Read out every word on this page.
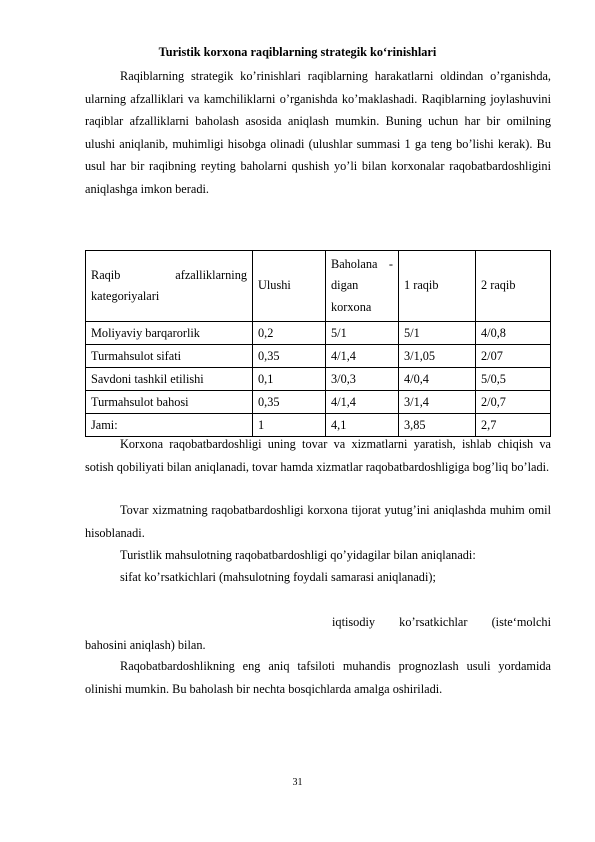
Turistik korxona raqiblarning strategik ko‘rinishlari

Raqiblarning strategik ko’rinishlari raqiblarning harakatlarni oldindan o’rganishda, ularning afzalliklari va kamchiliklarni o’rganishda ko’maklashadi. Raqiblarning joylashuvini raqiblar afzalliklarni baholash asosida aniqlash mumkin. Buning uchun har bir omilning ulushi aniqlanib, muhimligi hisobga olinadi (ulushlar summasi 1 ga teng bo’lishi kerak). Bu usul har bir raqibning reyting baholarni qushish yo’li bilan korxonalar raqobatbardoshligini aniqlashga imkon beradi.

Raqib afzalliklarning kategoriyalari	Ulushi	Baholana -
digan
korxona	1 raqib	2 raqib
Moliyaviy barqarorlik	0,2	5/1	5/1	4/0,8
Turmahsulot sifati	0,35	4/1,4	3/1,05	2/07
Savdoni tashkil etilishi	0,1	3/0,3	4/0,4	5/0,5
Turmahsulot bahosi	0,35	4/1,4	3/1,4	2/0,7
Jami:	1	4,1	3,85	2,7

Korxona raqobatbardoshligi uning tovar va xizmatlarni yaratish, ishlab chiqish va sotish qobiliyati bilan aniqlanadi, tovar hamda xizmatlar raqobatbardoshligiga bog’liq bo’ladi.

Tovar xizmatning raqobatbardoshligi korxona tijorat yutug’ini aniqlashda muhim omil hisoblanadi.

Turistlik mahsulotning raqobatbardoshligi qo’yidagilar bilan aniqlanadi:
sifat ko’rsatkichlari (mahsulotning foydali samarasi aniqlanadi);

iqtisodiy ko’rsatkichlar (iste‘molchi bahosini aniqlash) bilan.

Raqobatbardoshlikning eng aniq tafsiloti muhandis prognozlash usuli yordamida olinishi mumkin. Bu baholash bir nechta bosqichlarda amalga oshiriladi.

31
